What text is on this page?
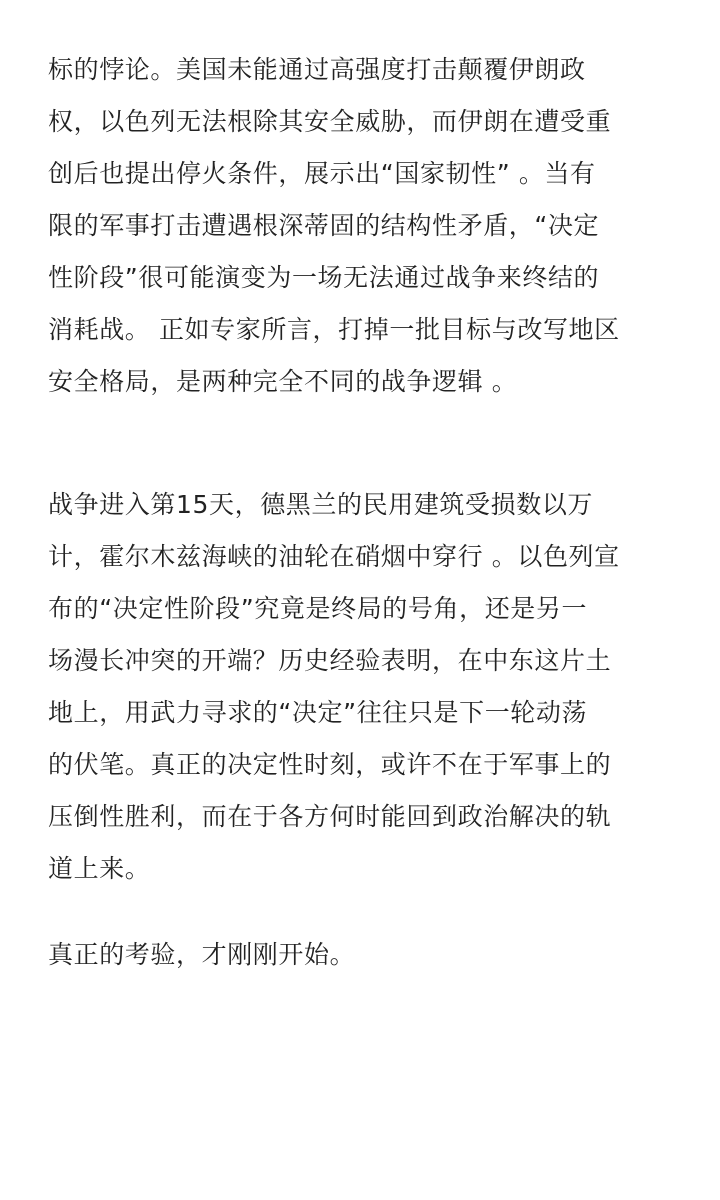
标的悖论。美国未能通过高强度打击颠覆伊朗政
权，以色列无法根除其安全威胁，而伊朗在遭受重
创后也提出停火条件，展示出“国家韧性” 。当有
限的军事打击遭遇根深蒂固的结构性矛盾，“决定
性阶段”很可能演变为一场无法通过战争来终结的
消耗战。 正如专家所言，打掉一批目标与改写地区
安全格局，是两种完全不同的战争逻辑 。
战争进入第15天，德黑兰的民用建筑受损数以万
计，霍尔木兹海峡的油轮在硝烟中穿行 。以色列宣
布的“决定性阶段”究竟是终局的号角，还是另一
场漫长冲突的开端？历史经验表明，在中东这片土
地上，用武力寻求的“决定”往往只是下一轮动荡
的伏笔。真正的决定性时刻，或许不在于军事上的
压倒性胜利，而在于各方何时能回到政治解决的轨
道上来。
真正的考验，才刚刚开始。
